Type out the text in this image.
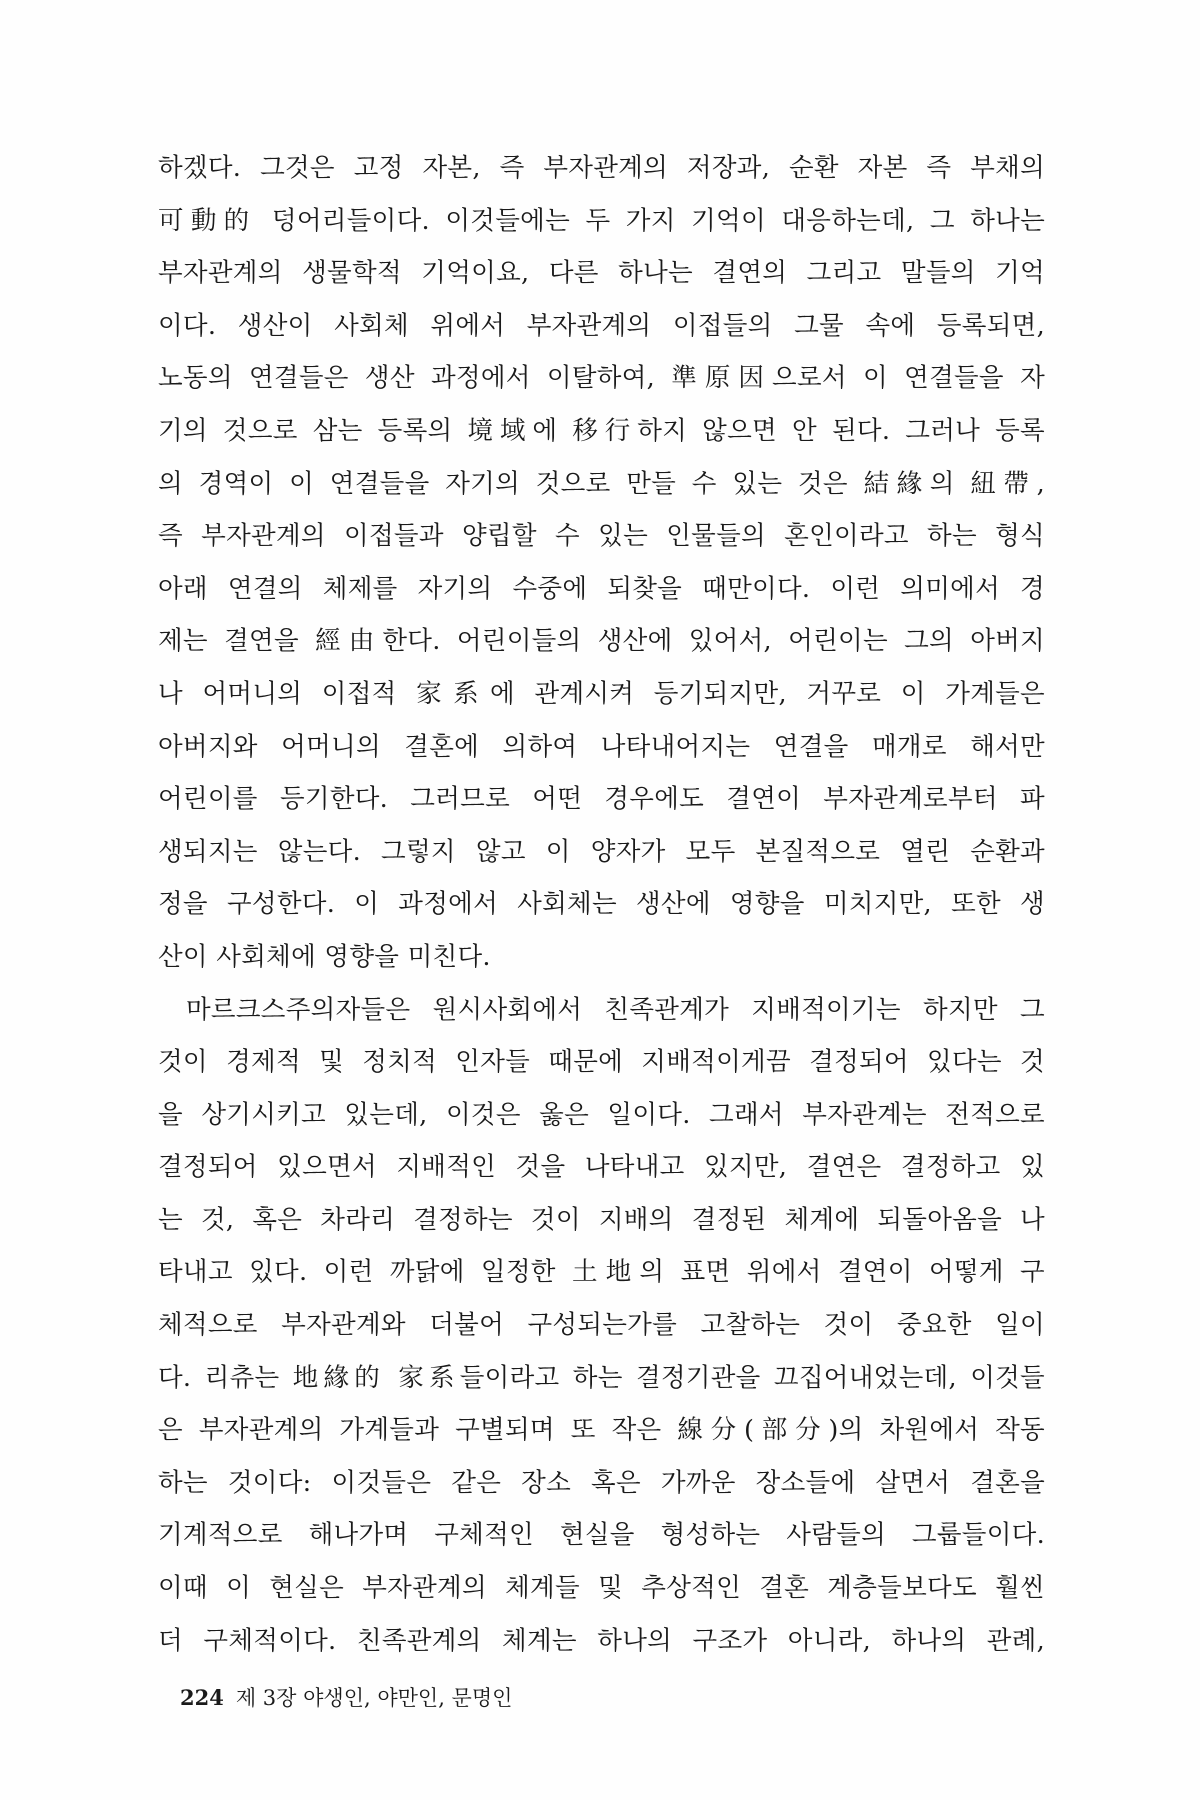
하겠다. 그것은 고정 자본, 즉 부자관계의 저장과, 순환 자본 즉 부채의
可動的 덩어리들이다. 이것들에는 두 가지 기억이 대응하는데, 그 하나는
부자관계의 생물학적 기억이요, 다른 하나는 결연의 그리고 말들의 기억
이다. 생산이 사회체 위에서 부자관계의 이접들의 그물 속에 등록되면,
노동의 연결들은 생산 과정에서 이탈하여, 準原因으로서 이 연결들을 자
기의 것으로 삼는 등록의 境域에 移行하지 않으면 안 된다. 그러나 등록
의 경역이 이 연결들을 자기의 것으로 만들 수 있는 것은 結緣의 紐帶,
즉 부자관계의 이접들과 양립할 수 있는 인물들의 혼인이라고 하는 형식
아래 연결의 체제를 자기의 수중에 되찾을 때만이다. 이런 의미에서 경
제는 결연을 經由한다. 어린이들의 생산에 있어서, 어린이는 그의 아버지
나 어머니의 이접적 家系에 관계시켜 등기되지만, 거꾸로 이 가계들은
아버지와 어머니의 결혼에 의하여 나타내어지는 연결을 매개로 해서만
어린이를 등기한다. 그러므로 어떤 경우에도 결연이 부자관계로부터 파
생되지는 않는다. 그렇지 않고 이 양자가 모두 본질적으로 열린 순환과
정을 구성한다. 이 과정에서 사회체는 생산에 영향을 미치지만, 또한 생
산이 사회체에 영향을 미친다.
마르크스주의자들은 원시사회에서 친족관계가 지배적이기는 하지만 그
것이 경제적 및 정치적 인자들 때문에 지배적이게끔 결정되어 있다는 것
을 상기시키고 있는데, 이것은 옳은 일이다. 그래서 부자관계는 전적으로
결정되어 있으면서 지배적인 것을 나타내고 있지만, 결연은 결정하고 있
는 것, 혹은 차라리 결정하는 것이 지배의 결정된 체계에 되돌아옴을 나
타내고 있다. 이런 까닭에 일정한 土地의 표면 위에서 결연이 어떻게 구
체적으로 부자관계와 더불어 구성되는가를 고찰하는 것이 중요한 일이
다. 리츄는 地緣的 家系들이라고 하는 결정기관을 끄집어내었는데, 이것들
은 부자관계의 가계들과 구별되며 또 작은 線分(部分)의 차원에서 작동
하는 것이다: 이것들은 같은 장소 혹은 가까운 장소들에 살면서 결혼을
기계적으로 해나가며 구체적인 현실을 형성하는 사람들의 그룹들이다.
이때 이 현실은 부자관계의 체계들 및 추상적인 결혼 계층들보다도 훨씬
더 구체적이다. 친족관계의 체계는 하나의 구조가 아니라, 하나의 관례,
224 제 3장 야생인, 야만인, 문명인
